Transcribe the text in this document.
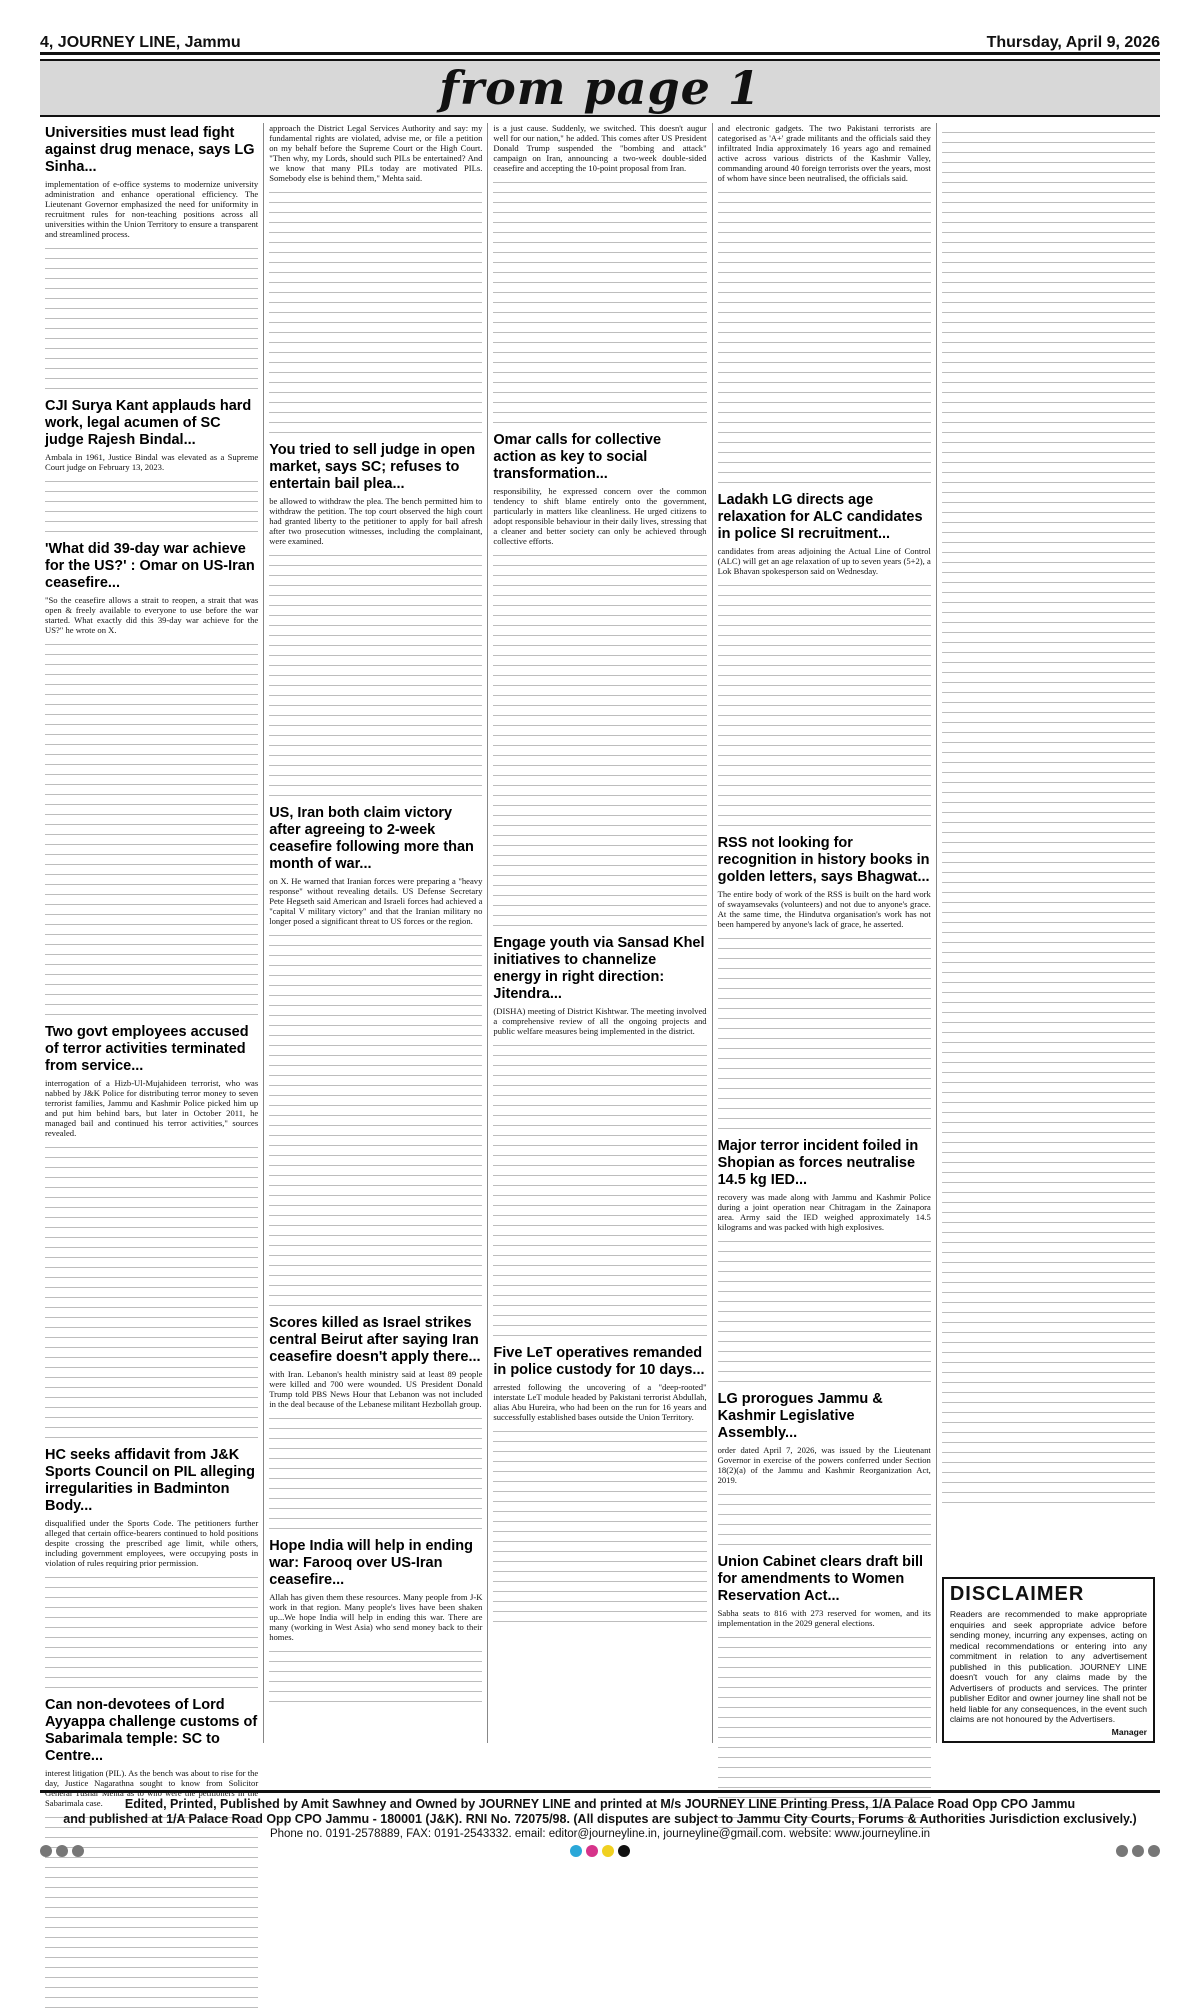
4, JOURNEY LINE, Jammu	Thursday, April 9, 2026
from page 1
Universities must lead fight against drug menace, says LG Sinha...
implementation of e-office systems to modernize university administration and enhance operational efficiency. The Lieutenant Governor emphasized the need for uniformity in recruitment rules for non-teaching positions across all universities within the Union Territory to ensure a transparent and streamlined process.
CJI Surya Kant applauds hard work, legal acumen of SC judge Rajesh Bindal...
Ambala in 1961, Justice Bindal was elevated as a Supreme Court judge on February 13, 2023.
'What did 39-day war achieve for the US?' : Omar on US-Iran ceasefire...
"So the ceasefire allows a strait to reopen, a strait that was open & freely available to everyone to use before the war started. What exactly did this 39-day war achieve for the US?" he wrote on X.
Two govt employees accused of terror activities terminated from service...
interrogation of a Hizb-Ul-Mujahideen terrorist, who was nabbed by J&K Police for distributing terror money to seven terrorist families, Jammu and Kashmir Police picked him up and put him behind bars, but later in October 2011, he managed bail and continued his terror activities," sources revealed.
HC seeks affidavit from J&K Sports Council on PIL alleging irregularities in Badminton Body...
disqualified under the Sports Code. The petitioners further alleged that certain office-bearers continued to hold positions despite crossing the prescribed age limit, while others, including government employees, were occupying posts in violation of rules requiring prior permission.
Can non-devotees of Lord Ayyappa challenge customs of Sabarimala temple: SC to Centre...
interest litigation (PIL). As the bench was about to rise for the day, Justice Nagarathna sought to know from Solicitor General Tushar Mehta as to who were the petitioners in the Sabarimala case.
approach the District Legal Services Authority and say: my fundamental rights are violated, advise me, or file a petition on my behalf before the Supreme Court or the High Court. "Then why, my Lords, should such PILs be entertained? And we know that many PILs today are motivated PILs. Somebody else is behind them," Mehta said.
You tried to sell judge in open market, says SC; refuses to entertain bail plea...
be allowed to withdraw the plea. The bench permitted him to withdraw the petition. The top court observed the high court had granted liberty to the petitioner to apply for bail afresh after two prosecution witnesses, including the complainant, were examined.
US, Iran both claim victory after agreeing to 2-week ceasefire following more than month of war...
on X. He warned that Iranian forces were preparing a "heavy response" without revealing details. US Defense Secretary Pete Hegseth said American and Israeli forces had achieved a "capital V military victory" and that the Iranian military no longer posed a significant threat to US forces or the region.
Scores killed as Israel strikes central Beirut after saying Iran ceasefire doesn't apply there...
with Iran. Lebanon's health ministry said at least 89 people were killed and 700 were wounded. US President Donald Trump told PBS News Hour that Lebanon was not included in the deal because of the Lebanese militant Hezbollah group.
Hope India will help in ending war: Farooq over US-Iran ceasefire...
Allah has given them these resources. Many people from J-K work in that region. Many people's lives have been shaken up...We hope India will help in ending this war. There are many (working in West Asia) who send money back to their homes.
is a just cause. Suddenly, we switched. This doesn't augur well for our nation," he added. This comes after US President Donald Trump suspended the "bombing and attack" campaign on Iran, announcing a two-week double-sided ceasefire and accepting the 10-point proposal from Iran.
Omar calls for collective action as key to social transformation...
responsibility, he expressed concern over the common tendency to shift blame entirely onto the government, particularly in matters like cleanliness. He urged citizens to adopt responsible behaviour in their daily lives, stressing that a cleaner and better society can only be achieved through collective efforts.
Engage youth via Sansad Khel initiatives to channelize energy in right direction: Jitendra...
(DISHA) meeting of District Kishtwar. The meeting involved a comprehensive review of all the ongoing projects and public welfare measures being implemented in the district.
Five LeT operatives remanded in police custody for 10 days...
arrested following the uncovering of a "deep-rooted" interstate LeT module headed by Pakistani terrorist Abdullah, alias Abu Hureira, who had been on the run for 16 years and successfully established bases outside the Union Territory.
and electronic gadgets. The two Pakistani terrorists are categorised as 'A+' grade militants and the officials said they infiltrated India approximately 16 years ago and remained active across various districts of the Kashmir Valley, commanding around 40 foreign terrorists over the years, most of whom have since been neutralised, the officials said.
Ladakh LG directs age relaxation for ALC candidates in police SI recruitment...
candidates from areas adjoining the Actual Line of Control (ALC) will get an age relaxation of up to seven years (5+2), a Lok Bhavan spokesperson said on Wednesday.
RSS not looking for recognition in history books in golden letters, says Bhagwat...
The entire body of work of the RSS is built on the hard work of swayamsevaks (volunteers) and not due to anyone's grace. At the same time, the Hindutva organisation's work has not been hampered by anyone's lack of grace, he asserted.
Major terror incident foiled in Shopian as forces neutralise 14.5 kg IED...
recovery was made along with Jammu and Kashmir Police during a joint operation near Chitragam in the Zainapora area. Army said the IED weighed approximately 14.5 kilograms and was packed with high explosives.
LG prorogues Jammu & Kashmir Legislative Assembly...
order dated April 7, 2026, was issued by the Lieutenant Governor in exercise of the powers conferred under Section 18(2)(a) of the Jammu and Kashmir Reorganization Act, 2019.
Union Cabinet clears draft bill for amendments to Women Reservation Act...
Sabha seats to 816 with 273 reserved for women, and its implementation in the 2029 general elections.
DISCLAIMER

Readers are recommended to make appropriate enquiries and seek appropriate advice before sending money, incurring any expenses, acting on medical recommendations or entering into any commitment in relation to any advertisement published in this publication. JOURNEY LINE doesn't vouch for any claims made by the Advertisers of products and services. The printer publisher Editor and owner journey line shall not be held liable for any consequences, in the event such claims are not honoured by the Advertisers.

Manager

Edited, Printed, Published by Amit Sawhney and Owned by JOURNEY LINE and printed at M/s JOURNEY LINE Printing Press, 1/A Palace Road Opp CPO Jammu
and published at 1/A Palace Road Opp CPO Jammu - 180001 (J&K). RNI No. 72075/98. (All disputes are subject to Jammu City Courts, Forums & Authorities Jurisdiction exclusively.)
Phone no. 0191-2578889, FAX: 0191-2543332. email: editor@journeyline.in, journeyline@gmail.com. website: www.journeyline.in
